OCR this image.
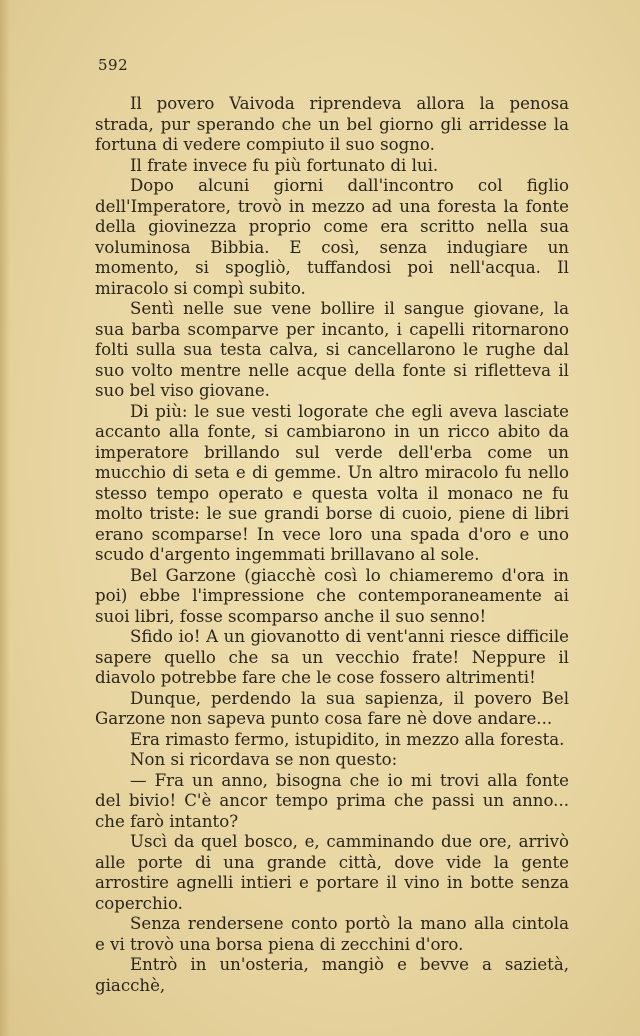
592

Il povero Vaivoda riprendeva allora la penosa strada, pur sperando che un bel giorno gli arridesse la fortuna di vedere compiuto il suo sogno.

Il frate invece fu più fortunato di lui.

Dopo alcuni giorni dall'incontro col figlio dell'Imperatore, trovò in mezzo ad una foresta la fonte della giovinezza proprio come era scritto nella sua voluminosa Bibbia. E così, senza indugiare un momento, si spogliò, tuffandosi poi nell'acqua. Il miracolo si compì subito.

Sentì nelle sue vene bollire il sangue giovane, la sua barba scomparve per incanto, i capelli ritornarono folti sulla sua testa calva, si cancellarono le rughe dal suo volto mentre nelle acque della fonte si rifletteva il suo bel viso giovane.

Di più: le sue vesti logorate che egli aveva lasciate accanto alla fonte, si cambiarono in un ricco abito da imperatore brillando sul verde dell'erba come un mucchio di seta e di gemme. Un altro miracolo fu nello stesso tempo operato e questa volta il monaco ne fu molto triste: le sue grandi borse di cuoio, piene di libri erano scomparse! In vece loro una spada d'oro e uno scudo d'argento ingemmati brillavano al sole.

Bel Garzone (giacchè così lo chiameremo d'ora in poi) ebbe l'impressione che contemporaneamente ai suoi libri, fosse scomparso anche il suo senno!

Sfido io! A un giovanotto di vent'anni riesce difficile sapere quello che sa un vecchio frate! Neppure il diavolo potrebbe fare che le cose fossero altrimenti!

Dunque, perdendo la sua sapienza, il povero Bel Garzone non sapeva punto cosa fare nè dove andare...

Era rimasto fermo, istupidito, in mezzo alla foresta.

Non si ricordava se non questo:

— Fra un anno, bisogna che io mi trovi alla fonte del bivio! C'è ancor tempo prima che passi un anno... che farò intanto?

Uscì da quel bosco, e, camminando due ore, arrivò alle porte di una grande città, dove vide la gente arrostire agnelli intieri e portare il vino in botte senza coperchio.

Senza rendersene conto portò la mano alla cintola e vi trovò una borsa piena di zecchini d'oro.

Entrò in un'osteria, mangiò e bevve a sazietà, giacchè,
